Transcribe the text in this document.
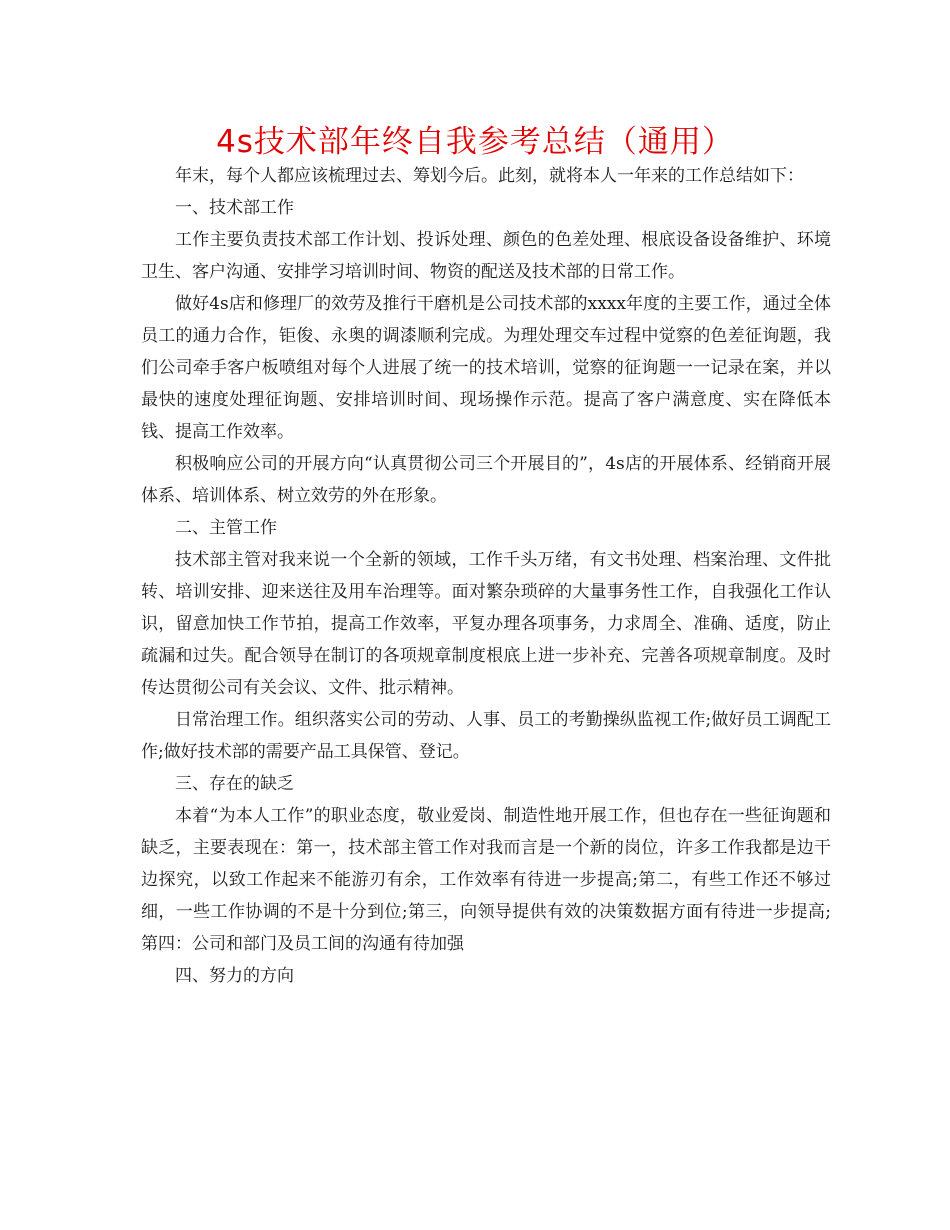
4s技术部年终自我参考总结（通用）

年末，每个人都应该梳理过去、筹划今后。此刻，就将本人一年来的工作总结如下：

一、技术部工作

工作主要负责技术部工作计划、投诉处理、颜色的色差处理、根底设备设备维护、环境卫生、客户沟通、安排学习培训时间、物资的配送及技术部的日常工作。

做好4s店和修理厂的效劳及推行干磨机是公司技术部的xxxx年度的主要工作，通过全体员工的通力合作，钜俊、永奥的调漆顺利完成。为理处理交车过程中觉察的色差征询题，我们公司牵手客户板喷组对每个人进展了统一的技术培训，觉察的征询题一一记录在案，并以最快的速度处理征询题、安排培训时间、现场操作示范。提高了客户满意度、实在降低本钱、提高工作效率。

积极响应公司的开展方向“认真贯彻公司三个开展目的”，4s店的开展体系、经销商开展体系、培训体系、树立效劳的外在形象。

二、主管工作

技术部主管对我来说一个全新的领域，工作千头万绪，有文书处理、档案治理、文件批转、培训安排、迎来送往及用车治理等。面对繁杂琐碎的大量事务性工作，自我强化工作认识，留意加快工作节拍，提高工作效率，平复办理各项事务，力求周全、准确、适度，防止疏漏和过失。配合领导在制订的各项规章制度根底上进一步补充、完善各项规章制度。及时传达贯彻公司有关会议、文件、批示精神。

日常治理工作。组织落实公司的劳动、人事、员工的考勤操纵监视工作;做好员工调配工作;做好技术部的需要产品工具保管、登记。

三、存在的缺乏

本着“为本人工作”的职业态度，敬业爱岗、制造性地开展工作，但也存在一些征询题和缺乏，主要表现在：第一，技术部主管工作对我而言是一个新的岗位，许多工作我都是边干边探究，以致工作起来不能游刃有余，工作效率有待进一步提高;第二，有些工作还不够过细，一些工作协调的不是十分到位;第三，向领导提供有效的决策数据方面有待进一步提高;第四：公司和部门及员工间的沟通有待加强

四、努力的方向
